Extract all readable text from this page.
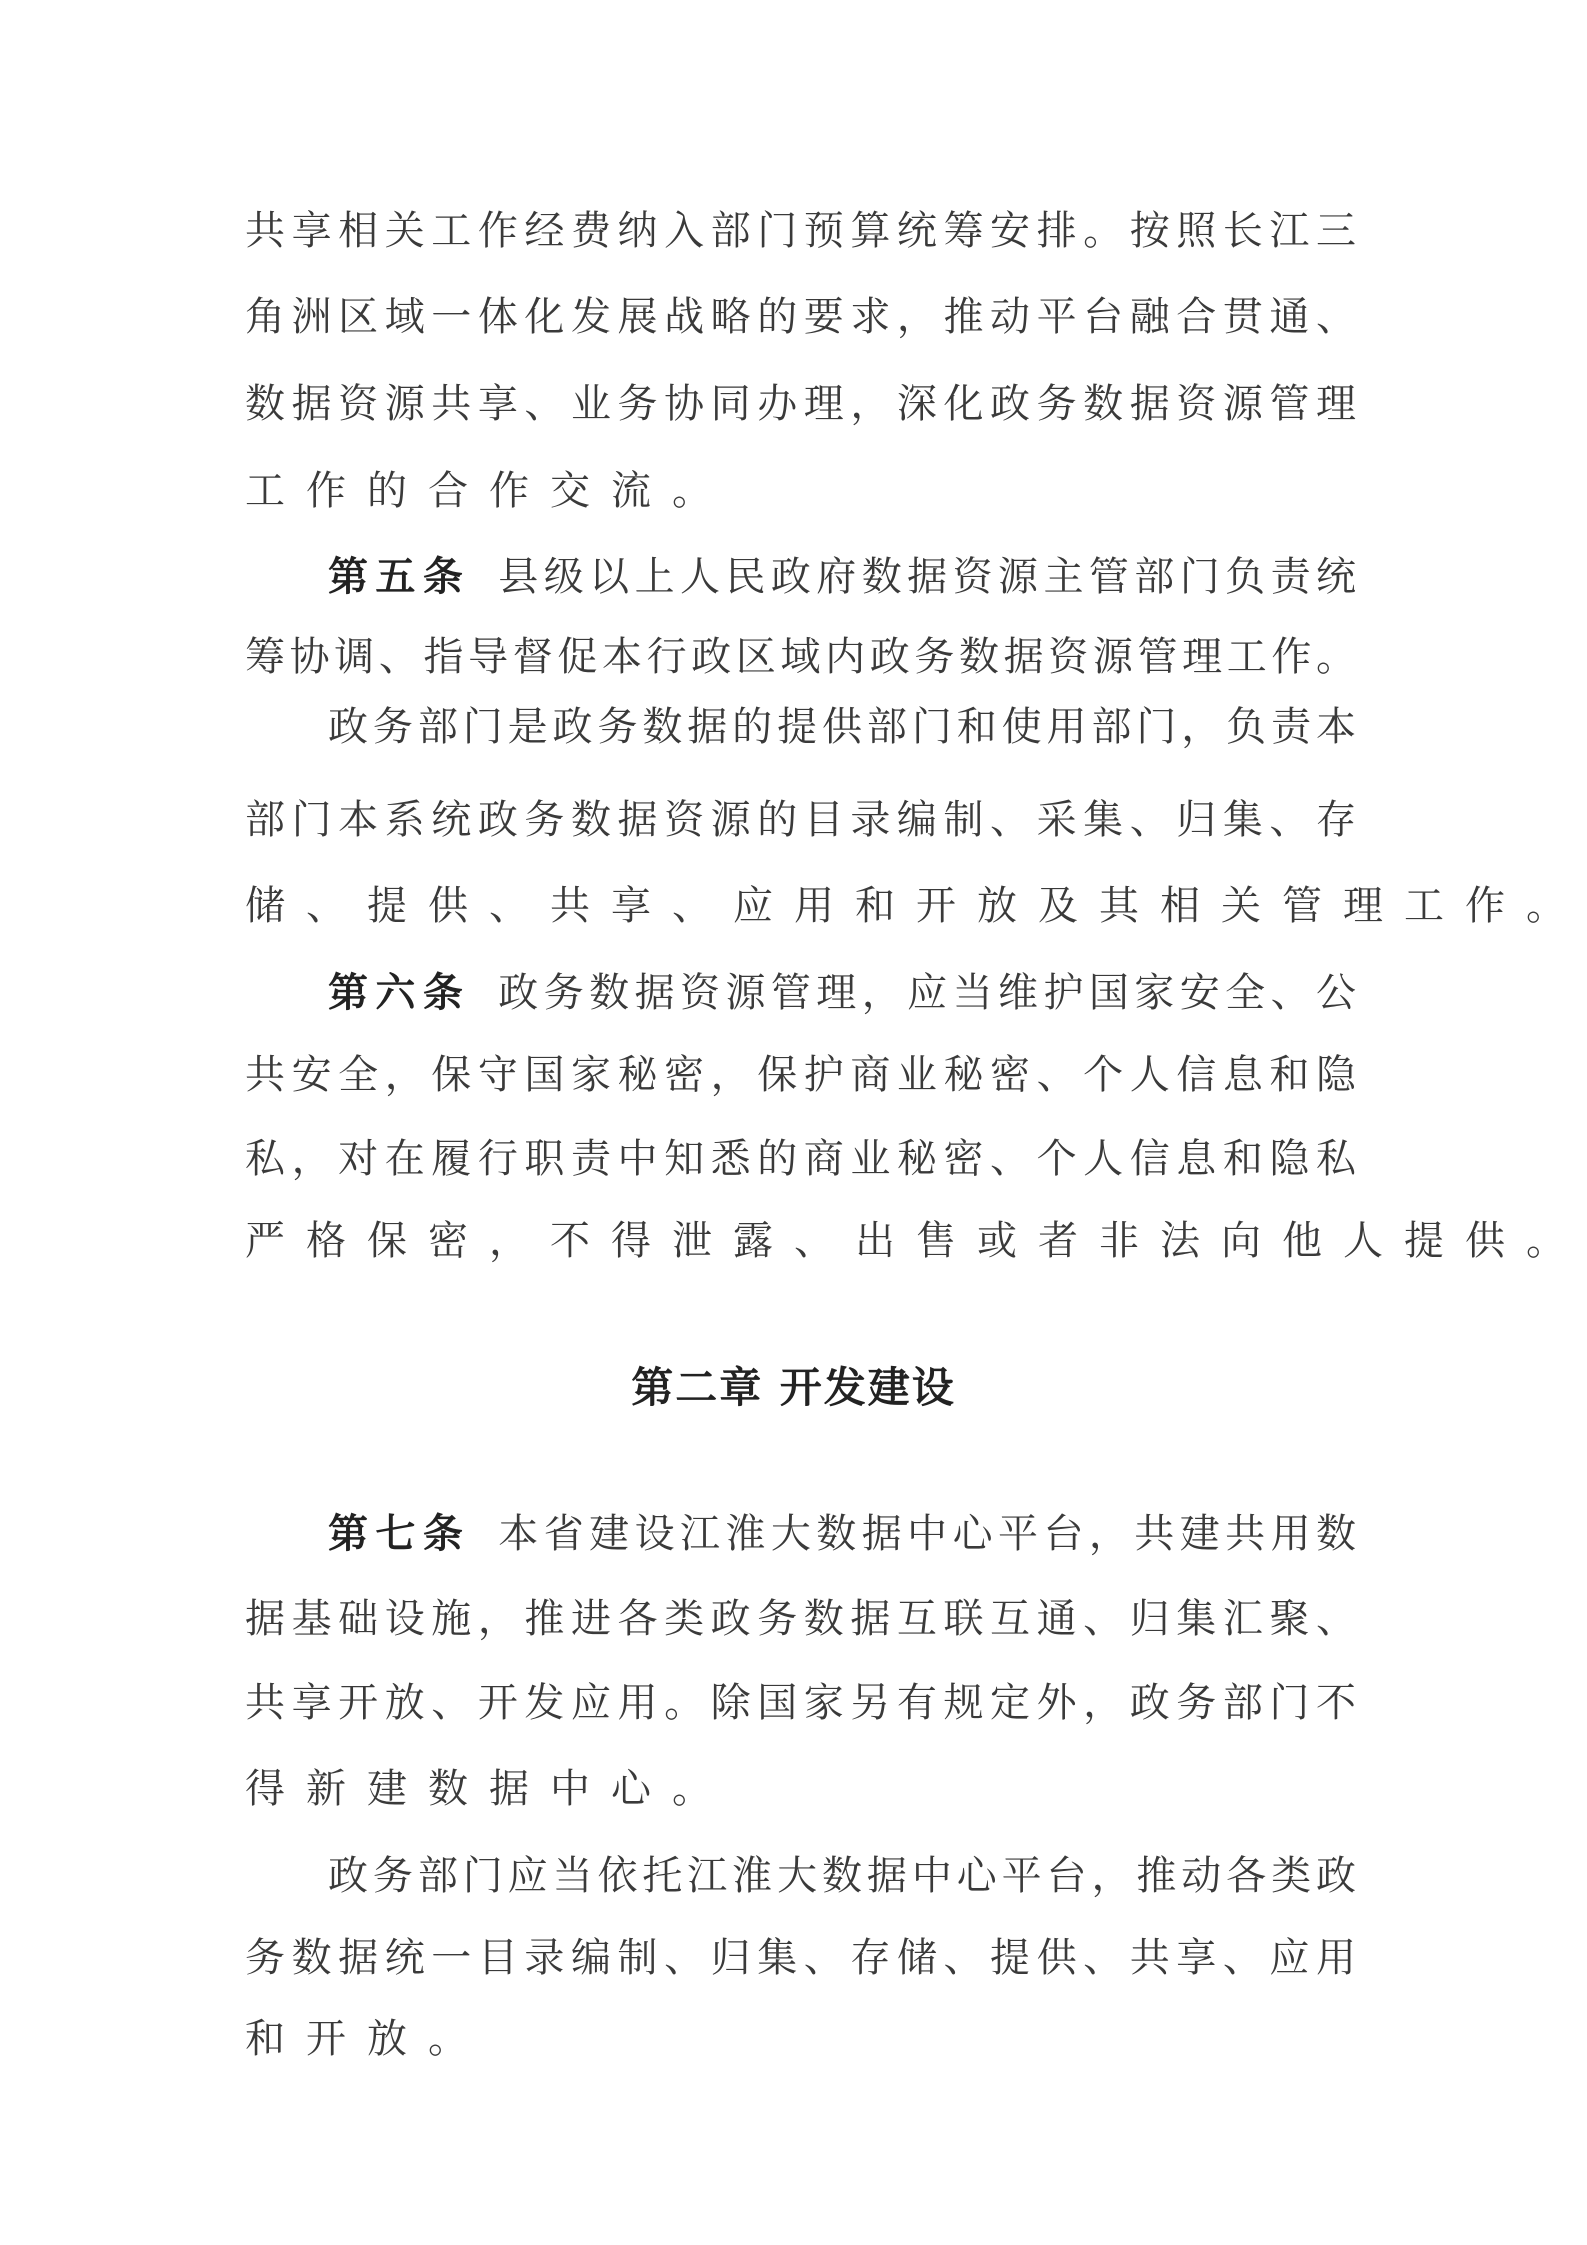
共享相关工作经费纳入部门预算统筹安排。按照长江三
角洲区域一体化发展战略的要求，推动平台融合贯通、
数据资源共享、业务协同办理，深化政务数据资源管理
工作的合作交流。
第五条 县级以上人民政府数据资源主管部门负责统
筹协调、指导督促本行政区域内政务数据资源管理工作。
政务部门是政务数据的提供部门和使用部门，负责本
部门本系统政务数据资源的目录编制、采集、归集、存
储、提供、共享、应用和开放及其相关管理工作。
第六条 政务数据资源管理，应当维护国家安全、公
共安全，保守国家秘密，保护商业秘密、个人信息和隐
私，对在履行职责中知悉的商业秘密、个人信息和隐私
严格保密，不得泄露、出售或者非法向他人提供。
第二章 开发建设
第七条 本省建设江淮大数据中心平台，共建共用数
据基础设施，推进各类政务数据互联互通、归集汇聚、
共享开放、开发应用。除国家另有规定外，政务部门不
得新建数据中心。
政务部门应当依托江淮大数据中心平台，推动各类政
务数据统一目录编制、归集、存储、提供、共享、应用
和开放。
